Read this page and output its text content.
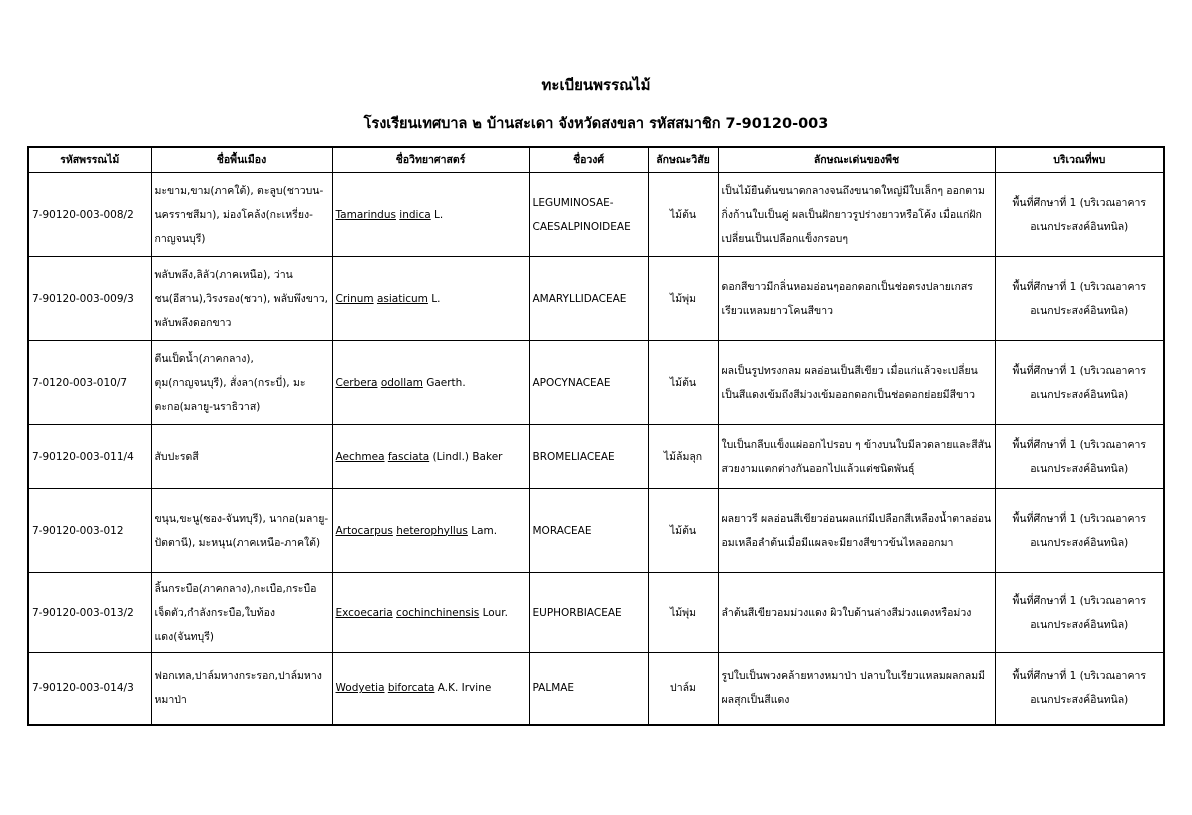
ทะเบียนพรรณไม้
โรงเรียนเทศบาล ๒ บ้านสะเดา จังหวัดสงขลา รหัสสมาชิก 7-90120-003
รหัสพรรณไม้	ชื่อพื้นเมือง	ชื่อวิทยาศาสตร์	ชื่อวงศ์	ลักษณะวิสัย	ลักษณะเด่นของพืช	บริเวณที่พบ
7-90120-003-008/2	มะขาม,ขาม(ภาคใต้), ตะลูบ(ชาวบน-นครราชสีมา), ม่องโคล้ง(กะเหรี่ยง-กาญจนบุรี)	Tamarindus indica L.	LEGUMINOSAE-CAESALPINOIDEAE	ไม้ต้น	เป็นไม้ยืนต้นขนาดกลางจนถึงขนาดใหญ่มีใบเล็กๆ ออกตามกิ่งก้านใบเป็นคู่ ผลเป็นฝักยาวรูปร่างยาวหรือโค้ง เมื่อแก่ฝักเปลี่ยนเป็นเปลือกแข็งกรอบๆ	พื้นที่ศึกษาที่ 1 (บริเวณอาคารอเนกประสงค์อินทนิล)
7-90120-003-009/3	พลับพลึง,ลิลัว(ภาคเหนือ), ว่านชน(อีสาน),วิรงรอง(ชวา), พลับพึงขาว, พลับพลึงดอกขาว	Crinum asiaticum L.	AMARYLLIDACEAE	ไม้พุ่ม	ดอกสีขาวมีกลิ่นหอมอ่อนๆออกดอกเป็นช่อตรงปลายเกสรเรียวแหลมยาวโคนสีขาว	พื้นที่ศึกษาที่ 1 (บริเวณอาคารอเนกประสงค์อินทนิล)
7-0120-003-010/7	ตีนเป็ดน้ำ(ภาคกลาง), ตุม(กาญจนบุรี), สั่งลา(กระบี่), มะตะกอ(มลายู-นราธิวาส)	Cerbera odollam Gaerth.	APOCYNACEAE	ไม้ต้น	ผลเป็นรูปทรงกลม ผลอ่อนเป็นสีเขียว เมื่อแก่แล้วจะเปลี่ยนเป็นสีแดงเข้มถึงสีม่วงเข้มออกดอกเป็นช่อดอกย่อยมีสีขาว	พื้นที่ศึกษาที่ 1 (บริเวณอาคารอเนกประสงค์อินทนิล)
7-90120-003-011/4	สับปะรดสี	Aechmea fasciata (Lindl.) Baker	BROMELIACEAE	ไม้ล้มลุก	ใบเป็นกลีบแข็งแผ่ออกไปรอบ ๆ ข้างบนใบมีลวดลายและสีสันสวยงามแตกต่างกันออกไปแล้วแต่ชนิดพันธุ์	พื้นที่ศึกษาที่ 1 (บริเวณอาคารอเนกประสงค์อินทนิล)
7-90120-003-012	ขนุน,ขะนู(ซอง-จันทบุรี), นากอ(มลายู-ปัตตานี), มะหนุน(ภาคเหนือ-ภาคใต้)	Artocarpus heterophyllus Lam.	MORACEAE	ไม้ต้น	ผลยาวรี ผลอ่อนสีเขียวอ่อนผลแก่มีเปลือกสีเหลืองน้ำตาลอ่อนอมเหลือลำต้นเมื่อมีแผลจะมียางสีขาวข้นไหลออกมา	พื้นที่ศึกษาที่ 1 (บริเวณอาคารอเนกประสงค์อินทนิล)
7-90120-003-013/2	ลิ้นกระบือ(ภาคกลาง),กะเบือ,กระบือเจ็ดตัว,กำลังกระบือ,ใบท้องแดง(จันทบุรี)	Excoecaria cochinchinensis Lour.	EUPHORBIACEAE	ไม้พุ่ม	ลำต้นสีเขียวอมม่วงแดง ผิวใบด้านล่างสีม่วงแดงหรือม่วง	พื้นที่ศึกษาที่ 1 (บริเวณอาคารอเนกประสงค์อินทนิล)
7-90120-003-014/3	ฟอกเทล,ปาล์มหางกระรอก,ปาล์มหางหมาป่า	Wodyetia biforcata A.K. Irvine	PALMAE	ปาล์ม	รูปใบเป็นพวงคล้ายหางหมาป่า ปลาบใบเรียวแหลมผลกลมมีผลสุกเป็นสีแดง	พื้นที่ศึกษาที่ 1 (บริเวณอาคารอเนกประสงค์อินทนิล)
